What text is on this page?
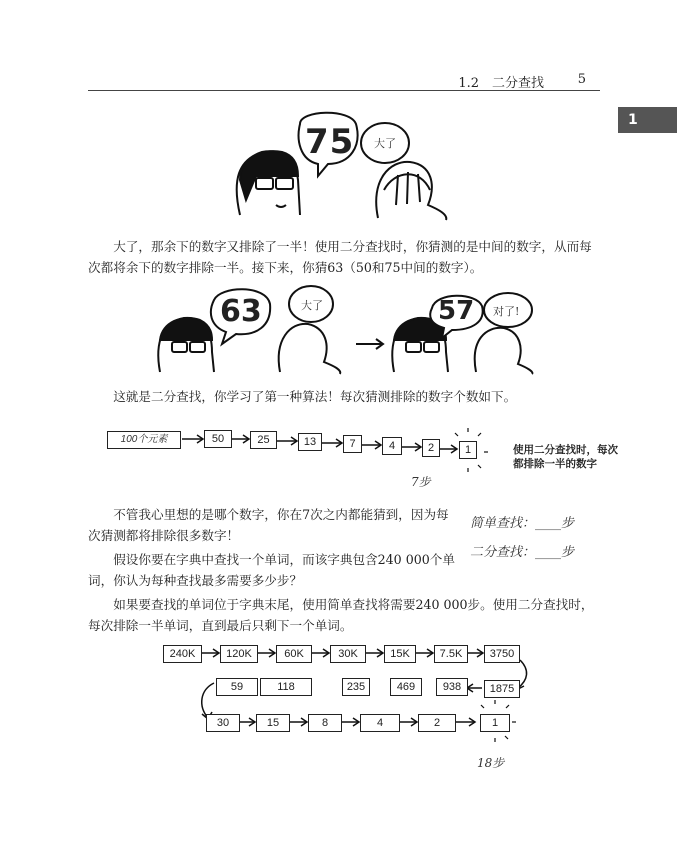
1.2　二分查找	5
1
75 大了
63	大了	57 对了!

大了，那余下的数字又排除了一半！使用二分查找时，你猜测的是中间的数字，从而每次都将余下的数字排除一半。接下来，你猜63（50和75中间的数字）。

这就是二分查找，你学习了第一种算法！每次猜测排除的数字个数如下。

100个元素	50	25	13	7	4	2	1
7步
使用二分查找时，每次都排除一半的数字

不管我心里想的是哪个数字，你在7次之内都能猜到，因为每次猜测都将排除很多数字！

简单查找：____步
二分查找：____步

假设你要在字典中查找一个单词，而该字典包含240 000个单词，你认为每种查找最多需要多少步？

如果要查找的单词位于字典末尾，使用简单查找将需要240 000步。使用二分查找时，每次排除一半单词，直到最后只剩下一个单词。

240K	120K	60K	30K	15K	7.5K	3750
59	118	235	469	938	1875
30	15	8	4	2	1
18步
